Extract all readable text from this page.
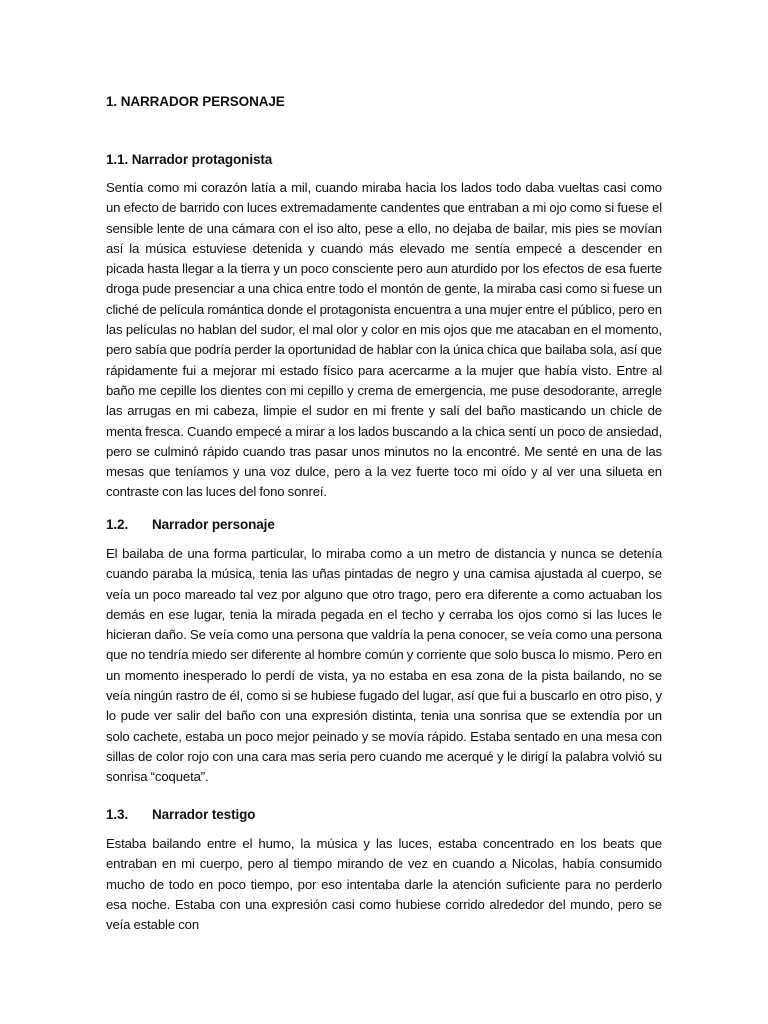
1. NARRADOR PERSONAJE
1.1. Narrador protagonista

Sentía como mi corazón latía a mil, cuando miraba hacia los lados todo daba vueltas casi como un efecto de barrido con luces extremadamente candentes que entraban a mi ojo como si fuese el sensible lente de una cámara con el iso alto, pese a ello, no dejaba de bailar, mis pies se movían así la música estuviese detenida y cuando más elevado me sentía empecé a descender en picada hasta llegar a la tierra y un poco consciente pero aun aturdido por los efectos de esa fuerte droga pude presenciar a una chica entre todo el montón de gente, la miraba casi como si fuese un cliché de película romántica donde el protagonista encuentra a una mujer entre el público, pero en las películas no hablan del sudor, el mal olor y color en mis ojos que me atacaban en el momento, pero sabía que podría perder la oportunidad de hablar con la única chica que bailaba sola, así que rápidamente fui a mejorar mi estado físico para acercarme a la mujer que había visto. Entre al baño me cepille los dientes con mi cepillo y crema de emergencia, me puse desodorante, arregle las arrugas en mi cabeza, limpie el sudor en mi frente y salí del baño masticando un chicle de menta fresca. Cuando empecé a mirar a los lados buscando a la chica sentí un poco de ansiedad, pero se culminó rápido cuando tras pasar unos minutos no la encontré. Me senté en una de las mesas que teníamos y una voz dulce, pero a la vez fuerte toco mi oído y al ver una silueta en contraste con las luces del fono sonreí.

1.2. Narrador personaje

El bailaba de una forma particular, lo miraba como a un metro de distancia y nunca se detenía cuando paraba la música, tenia las uñas pintadas de negro y una camisa ajustada al cuerpo, se veía un poco mareado tal vez por alguno que otro trago, pero era diferente a como actuaban los demás en ese lugar, tenia la mirada pegada en el techo y cerraba los ojos como si las luces le hicieran daño. Se veía como una persona que valdría la pena conocer, se veía como una persona que no tendría miedo ser diferente al hombre común y corriente que solo busca lo mismo. Pero en un momento inesperado lo perdí de vista, ya no estaba en esa zona de la pista bailando, no se veía ningún rastro de él, como si se hubiese fugado del lugar, así que fui a buscarlo en otro piso, y lo pude ver salir del baño con una expresión distinta, tenia una sonrisa que se extendía por un solo cachete, estaba un poco mejor peinado y se movía rápido. Estaba sentado en una mesa con sillas de color rojo con una cara mas seria pero cuando me acerqué y le dirigí la palabra volvió su sonrisa “coqueta”.

1.3. Narrador testigo

Estaba bailando entre el humo, la música y las luces, estaba concentrado en los beats que entraban en mi cuerpo, pero al tiempo mirando de vez en cuando a Nicolas, había consumido mucho de todo en poco tiempo, por eso intentaba darle la atención suficiente para no perderlo esa noche. Estaba con una expresión casi como hubiese corrido alrededor del mundo, pero se veía estable con
